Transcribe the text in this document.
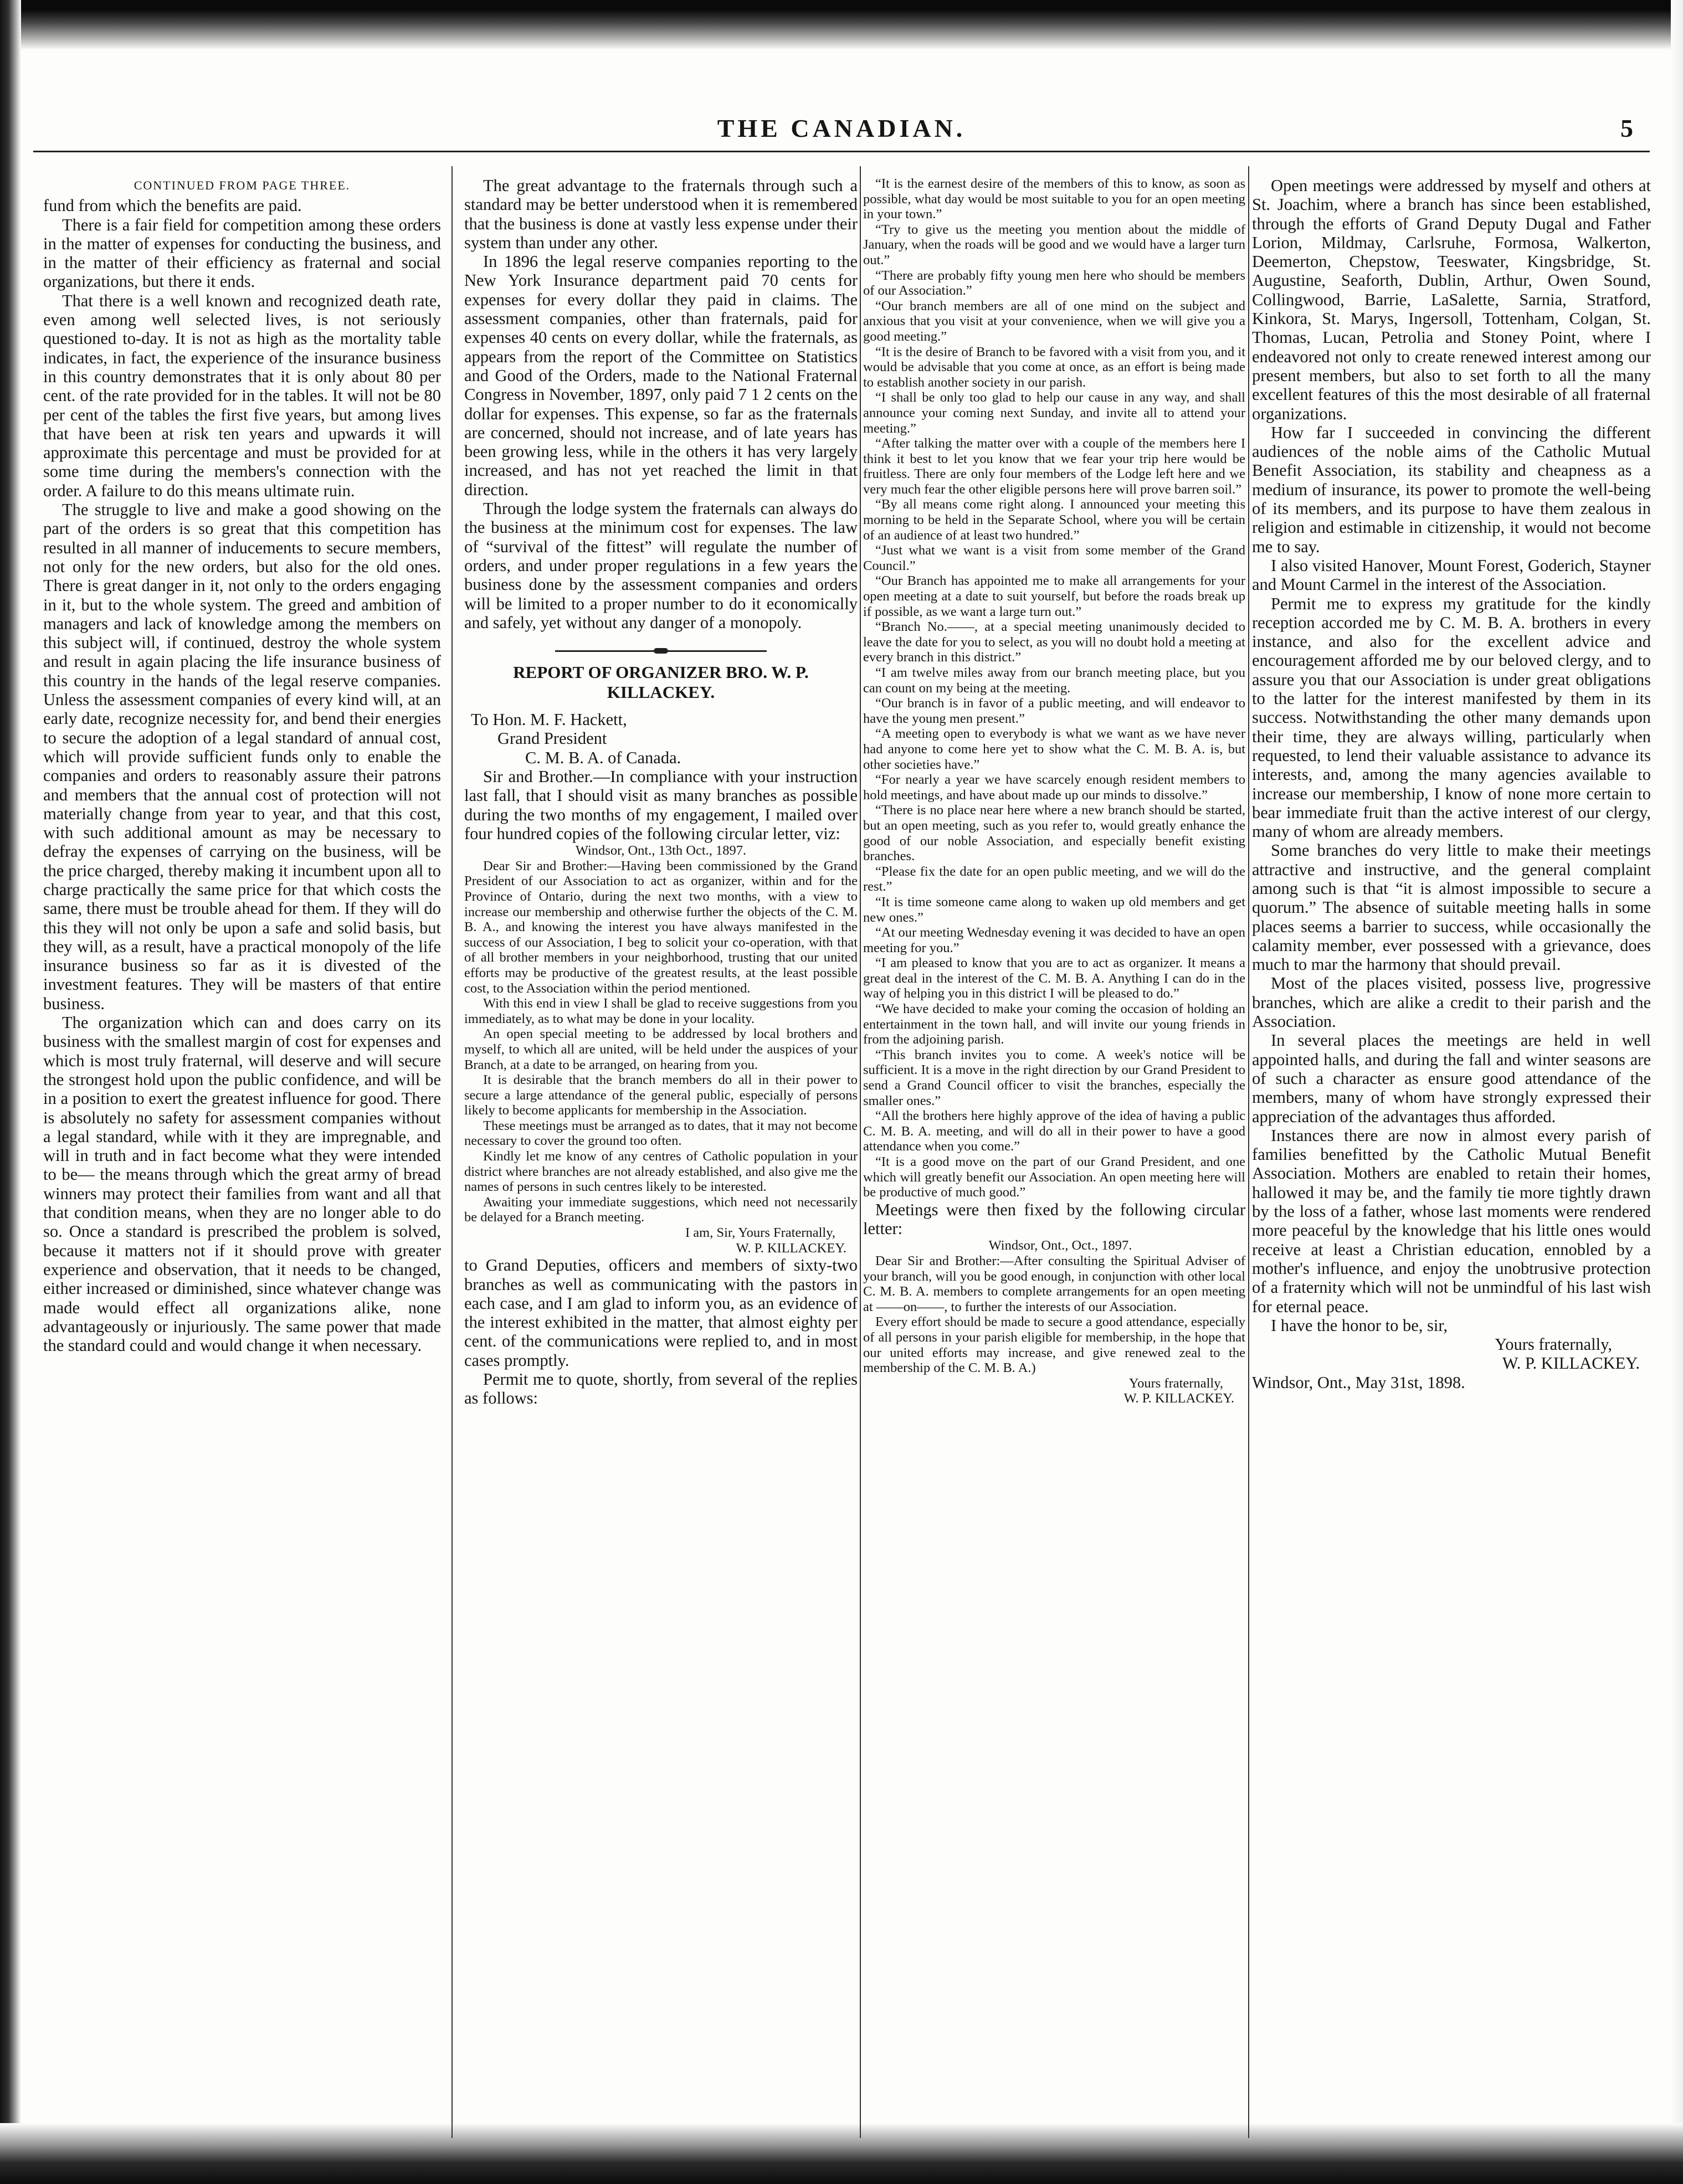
THE CANADIAN.	5

CONTINUED FROM PAGE THREE.

fund from which the benefits are paid.

There is a fair field for competition among these orders in the matter of expenses for conducting the business, and in the matter of their efficiency as fraternal and social organizations, but there it ends.

That there is a well known and recognized death rate, even among well selected lives, is not seriously questioned to-day. It is not as high as the mortality table indicates, in fact, the experience of the insurance business in this country demonstrates that it is only about 80 per cent. of the rate provided for in the tables. It will not be 80 per cent of the tables the first five years, but among lives that have been at risk ten years and upwards it will approximate this percentage and must be provided for at some time during the members's connection with the order. A failure to do this means ultimate ruin.

The struggle to live and make a good showing on the part of the orders is so great that this competition has resulted in all manner of inducements to secure members, not only for the new orders, but also for the old ones. There is great danger in it, not only to the orders engaging in it, but to the whole system. The greed and ambition of managers and lack of knowledge among the members on this subject will, if continued, destroy the whole system and result in again placing the life insurance business of this country in the hands of the legal reserve companies. Unless the assessment companies of every kind will, at an early date, recognize necessity for, and bend their energies to secure the adoption of a legal standard of annual cost, which will provide sufficient funds only to enable the companies and orders to reasonably assure their patrons and members that the annual cost of protection will not materially change from year to year, and that this cost, with such additional amount as may be necessary to defray the expenses of carrying on the business, will be the price charged, thereby making it incumbent upon all to charge practically the same price for that which costs the same, there must be trouble ahead for them. If they will do this they will not only be upon a safe and solid basis, but they will, as a result, have a practical monopoly of the life insurance business so far as it is divested of the investment features. They will be masters of that entire business.

The organization which can and does carry on its business with the smallest margin of cost for expenses and which is most truly fraternal, will deserve and will secure the strongest hold upon the public confidence, and will be in a position to exert the greatest influence for good. There is absolutely no safety for assessment companies without a legal standard, while with it they are impregnable, and will in truth and in fact become what they were intended to be— the means through which the great army of bread winners may protect their families from want and all that that condition means, when they are no longer able to do so. Once a standard is prescribed the problem is solved, because it matters not if it should prove with greater experience and observation, that it needs to be changed, either increased or diminished, since whatever change was made would effect all organizations alike, none advantageously or injuriously. The same power that made the standard could and would change it when necessary.

The great advantage to the fraternals through such a standard may be better understood when it is remembered that the business is done at vastly less expense under their system than under any other.

In 1896 the legal reserve companies reporting to the New York Insurance department paid 70 cents for expenses for every dollar they paid in claims. The assessment companies, other than fraternals, paid for expenses 40 cents on every dollar, while the fraternals, as appears from the report of the Committee on Statistics and Good of the Orders, made to the National Fraternal Congress in November, 1897, only paid 7 1 2 cents on the dollar for expenses. This expense, so far as the fraternals are concerned, should not increase, and of late years has been growing less, while in the others it has very largely increased, and has not yet reached the limit in that direction.

Through the lodge system the fraternals can always do the business at the minimum cost for expenses. The law of “survival of the fittest” will regulate the number of orders, and under proper regulations in a few years the business done by the assessment companies and orders will be limited to a proper number to do it economically and safely, yet without any danger of a monopoly.

REPORT OF ORGANIZER BRO. W. P. KILLACKEY.

To Hon. M. F. Hackett,

Grand President

C. M. B. A. of Canada.

Sir and Brother.—In compliance with your instruction last fall, that I should visit as many branches as possible during the two months of my engagement, I mailed over four hundred copies of the following circular letter, viz:

Windsor, Ont., 13th Oct., 1897.

Dear Sir and Brother:—Having been commissioned by the Grand President of our Association to act as organizer, within and for the Province of Ontario, during the next two months, with a view to increase our membership and otherwise further the objects of the C. M. B. A., and knowing the interest you have always manifested in the success of our Association, I beg to solicit your co-operation, with that of all brother members in your neighborhood, trusting that our united efforts may be productive of the greatest results, at the least possible cost, to the Association within the period mentioned.

With this end in view I shall be glad to receive suggestions from you immediately, as to what may be done in your locality.

An open special meeting to be addressed by local brothers and myself, to which all are united, will be held under the auspices of your Branch, at a date to be arranged, on hearing from you.

It is desirable that the branch members do all in their power to secure a large attendance of the general public, especially of persons likely to become applicants for membership in the Association.

These meetings must be arranged as to dates, that it may not become necessary to cover the ground too often.

Kindly let me know of any centres of Catholic population in your district where branches are not already established, and also give me the names of persons in such centres likely to be interested.

Awaiting your immediate suggestions, which need not necessarily be delayed for a Branch meeting.

I am, Sir, Yours Fraternally,

W. P. KILLACKEY.

to Grand Deputies, officers and members of sixty-two branches as well as communicating with the pastors in each case, and I am glad to inform you, as an evidence of the interest exhibited in the matter, that almost eighty per cent. of the communications were replied to, and in most cases promptly.

Permit me to quote, shortly, from several of the replies as follows:

“It is the earnest desire of the members of this to know, as soon as possible, what day would be most suitable to you for an open meeting in your town.”

“Try to give us the meeting you mention about the middle of January, when the roads will be good and we would have a larger turn out.”

“There are probably fifty young men here who should be members of our Association.”

“Our branch members are all of one mind on the subject and anxious that you visit at your convenience, when we will give you a good meeting.”

“It is the desire of Branch to be favored with a visit from you, and it would be advisable that you come at once, as an effort is being made to establish another society in our parish.

“I shall be only too glad to help our cause in any way, and shall announce your coming next Sunday, and invite all to attend your meeting.”

“After talking the matter over with a couple of the members here I think it best to let you know that we fear your trip here would be fruitless. There are only four members of the Lodge left here and we very much fear the other eligible persons here will prove barren soil.”

“By all means come right along. I announced your meeting this morning to be held in the Separate School, where you will be certain of an audience of at least two hundred.”

“Just what we want is a visit from some member of the Grand Council.”

“Our Branch has appointed me to make all arrangements for your open meeting at a date to suit yourself, but before the roads break up if possible, as we want a large turn out.”

“Branch No.——, at a special meeting unanimously decided to leave the date for you to select, as you will no doubt hold a meeting at every branch in this district.”

“I am twelve miles away from our branch meeting place, but you can count on my being at the meeting.

“Our branch is in favor of a public meeting, and will endeavor to have the young men present.”

“A meeting open to everybody is what we want as we have never had anyone to come here yet to show what the C. M. B. A. is, but other societies have.”

“For nearly a year we have scarcely enough resident members to hold meetings, and have about made up our minds to dissolve.”

“There is no place near here where a new branch should be started, but an open meeting, such as you refer to, would greatly enhance the good of our noble Association, and especially benefit existing branches.

“Please fix the date for an open public meeting, and we will do the rest.”

“It is time someone came along to waken up old members and get new ones.”

“At our meeting Wednesday evening it was decided to have an open meeting for you.”

“I am pleased to know that you are to act as organizer. It means a great deal in the interest of the C. M. B. A. Anything I can do in the way of helping you in this district I will be pleased to do.”

“We have decided to make your coming the occasion of holding an entertainment in the town hall, and will invite our young friends in from the adjoining parish.

“This branch invites you to come. A week's notice will be sufficient. It is a move in the right direction by our Grand President to send a Grand Council officer to visit the branches, especially the smaller ones.”

“All the brothers here highly approve of the idea of having a public C. M. B. A. meeting, and will do all in their power to have a good attendance when you come.”

“It is a good move on the part of our Grand President, and one which will greatly benefit our Association. An open meeting here will be productive of much good.”

Meetings were then fixed by the following circular letter:

Windsor, Ont., Oct., 1897.

Dear Sir and Brother:—After consulting the Spiritual Adviser of your branch, will you be good enough, in conjunction with other local C. M. B. A. members to complete arrangements for an open meeting at ——on——, to further the interests of our Association.

Every effort should be made to secure a good attendance, especially of all persons in your parish eligible for membership, in the hope that our united efforts may increase, and give renewed zeal to the membership of the C. M. B. A.)

Yours fraternally,

W. P. KILLACKEY.

Open meetings were addressed by myself and others at St. Joachim, where a branch has since been established, through the efforts of Grand Deputy Dugal and Father Lorion, Mildmay, Carlsruhe, Formosa, Walkerton, Deemerton, Chepstow, Teeswater, Kingsbridge, St. Augustine, Seaforth, Dublin, Arthur, Owen Sound, Collingwood, Barrie, LaSalette, Sarnia, Stratford, Kinkora, St. Marys, Ingersoll, Tottenham, Colgan, St. Thomas, Lucan, Petrolia and Stoney Point, where I endeavored not only to create renewed interest among our present members, but also to set forth to all the many excellent features of this the most desirable of all fraternal organizations.

How far I succeeded in convincing the different audiences of the noble aims of the Catholic Mutual Benefit Association, its stability and cheapness as a medium of insurance, its power to promote the well-being of its members, and its purpose to have them zealous in religion and estimable in citizenship, it would not become me to say.

I also visited Hanover, Mount Forest, Goderich, Stayner and Mount Carmel in the interest of the Association.

Permit me to express my gratitude for the kindly reception accorded me by C. M. B. A. brothers in every instance, and also for the excellent advice and encouragement afforded me by our beloved clergy, and to assure you that our Association is under great obligations to the latter for the interest manifested by them in its success. Notwithstanding the other many demands upon their time, they are always willing, particularly when requested, to lend their valuable assistance to advance its interests, and, among the many agencies available to increase our membership, I know of none more certain to bear immediate fruit than the active interest of our clergy, many of whom are already members.

Some branches do very little to make their meetings attractive and instructive, and the general complaint among such is that “it is almost impossible to secure a quorum.” The absence of suitable meeting halls in some places seems a barrier to success, while occasionally the calamity member, ever possessed with a grievance, does much to mar the harmony that should prevail.

Most of the places visited, possess live, progressive branches, which are alike a credit to their parish and the Association.

In several places the meetings are held in well appointed halls, and during the fall and winter seasons are of such a character as ensure good attendance of the members, many of whom have strongly expressed their appreciation of the advantages thus afforded.

Instances there are now in almost every parish of families benefitted by the Catholic Mutual Benefit Association. Mothers are enabled to retain their homes, hallowed it may be, and the family tie more tightly drawn by the loss of a father, whose last moments were rendered more peaceful by the knowledge that his little ones would receive at least a Christian education, ennobled by a mother's influence, and enjoy the unobtrusive protection of a fraternity which will not be unmindful of his last wish for eternal peace.

I have the honor to be, sir,

Yours fraternally,

W. P. KILLACKEY.

Windsor, Ont., May 31st, 1898.
